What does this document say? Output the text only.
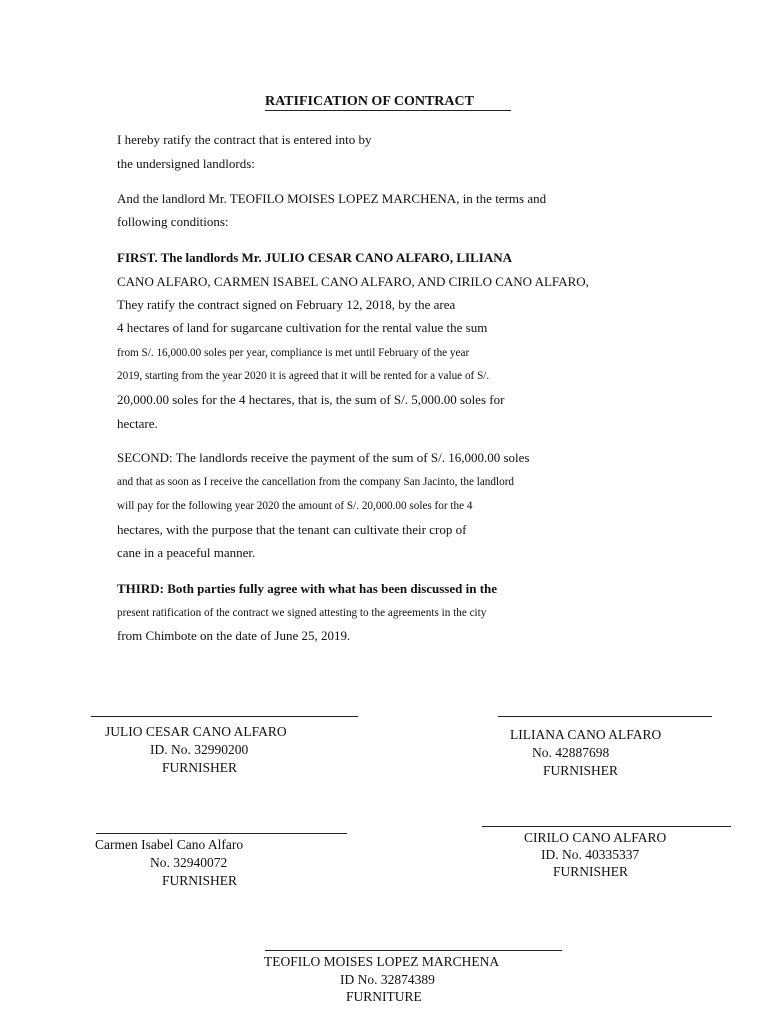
RATIFICATION OF CONTRACT
I hereby ratify the contract that is entered into by
the undersigned landlords:
And the landlord Mr. TEOFILO MOISES LOPEZ MARCHENA, in the terms and
following conditions:
FIRST. The landlords Mr. JULIO CESAR CANO ALFARO, LILIANA
CANO ALFARO, CARMEN ISABEL CANO ALFARO, AND CIRILO CANO ALFARO,
They ratify the contract signed on February 12, 2018, by the area
4 hectares of land for sugarcane cultivation for the rental value the sum
from S/. 16,000.00 soles per year, compliance is met until February of the year
2019, starting from the year 2020 it is agreed that it will be rented for a value of S/.
20,000.00 soles for the 4 hectares, that is, the sum of S/. 5,000.00 soles for
hectare.
SECOND: The landlords receive the payment of the sum of S/. 16,000.00 soles
and that as soon as I receive the cancellation from the company San Jacinto, the landlord
will pay for the following year 2020 the amount of S/. 20,000.00 soles for the 4
hectares, with the purpose that the tenant can cultivate their crop of
cane in a peaceful manner.
THIRD: Both parties fully agree with what has been discussed in the
present ratification of the contract we signed attesting to the agreements in the city
from Chimbote on the date of June 25, 2019.
JULIO CESAR CANO ALFARO
ID. No. 32990200
FURNISHER
LILIANA CANO ALFARO
No. 42887698
FURNISHER
Carmen Isabel Cano Alfaro
No. 32940072
FURNISHER
CIRILO CANO ALFARO
ID. No. 40335337
FURNISHER
TEOFILO MOISES LOPEZ MARCHENA
ID No. 32874389
FURNITURE
